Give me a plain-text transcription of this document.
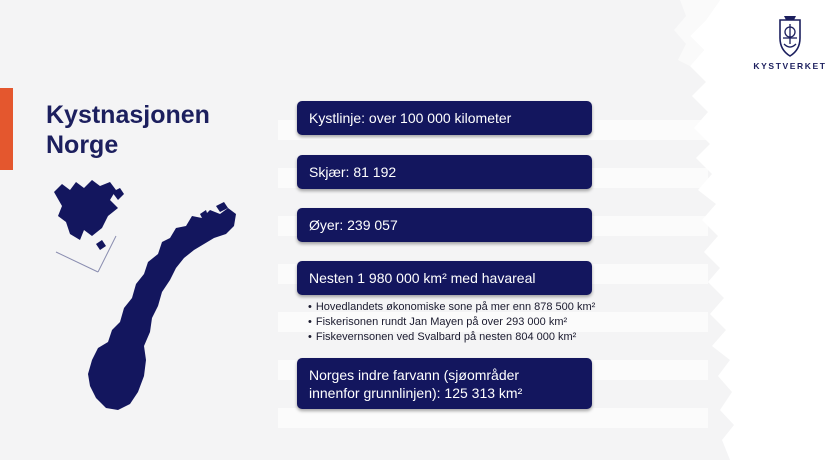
Kystnasjonen
Norge
Kystlinje: over 100 000 kilometer
Skjær: 81 192
Øyer: 239 057
Nesten 1 980 000 km² med havareal
• Hovedlandets økonomiske sone på mer enn 878 500 km²
• Fiskerisonen rundt Jan Mayen på over 293 000 km²
• Fiskevernsonen ved Svalbard på nesten 804 000 km²
Norges indre farvann (sjøområder
innenfor grunnlinjen): 125 313 km²
KYSTVERKET
